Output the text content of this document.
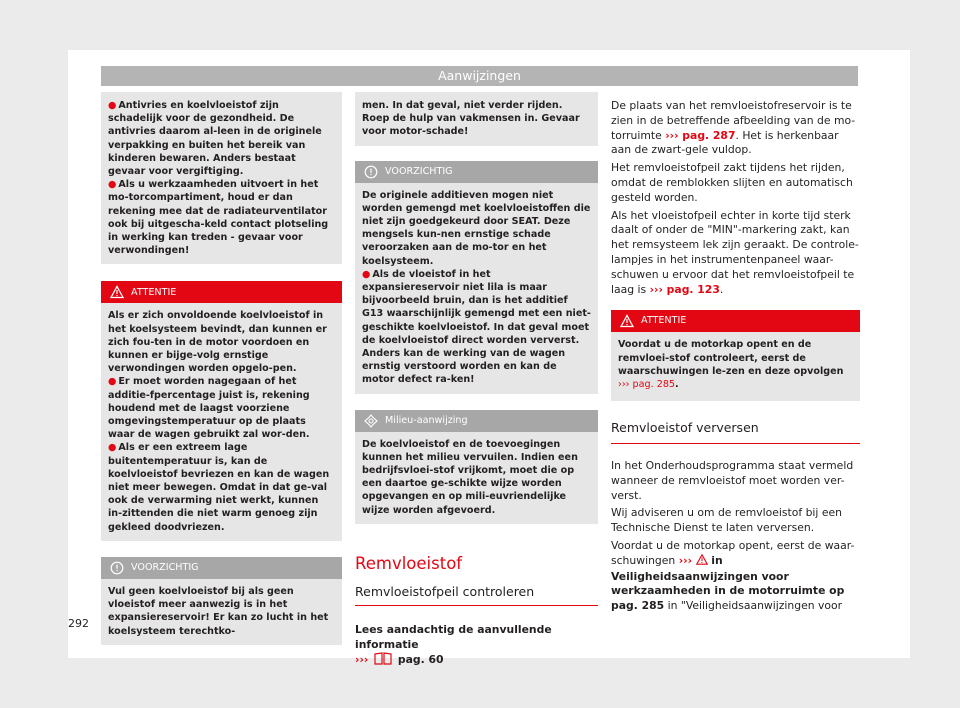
Aanwijzingen

● Antivries en koelvloeistof zijn schadelijk voor de gezondheid. De antivries daarom al-leen in de originele verpakking en buiten het bereik van kinderen bewaren. Anders bestaat gevaar voor vergiftiging.

● Als u werkzaamheden uitvoert in het mo-torcompartiment, houd er dan rekening mee dat de radiateurventilator ook bij uitgescha-keld contact plotseling in werking kan treden - gevaar voor verwondingen!

ATTENTIE

Als er zich onvoldoende koelvloeistof in het koelsysteem bevindt, dan kunnen er zich fou-ten in de motor voordoen en kunnen er bijge-volg ernstige verwondingen worden opgelo-pen.

● Er moet worden nagegaan of het additie-fpercentage juist is, rekening houdend met de laagst voorziene omgevingstemperatuur op de plaats waar de wagen gebruikt zal wor-den.

● Als er een extreem lage buitentemperatuur is, kan de koelvloeistof bevriezen en kan de wagen niet meer bewegen. Omdat in dat ge-val ook de verwarming niet werkt, kunnen in-zittenden die niet warm genoeg zijn gekleed doodvriezen.

VOORZICHTIG

Vul geen koelvloeistof bij als geen vloeistof meer aanwezig is in het expansiereservoir! Er kan zo lucht in het koelsysteem terechtko-

men. In dat geval, niet verder rijden. Roep de hulp van vakmensen in. Gevaar voor motor-schade!

VOORZICHTIG

De originele additieven mogen niet worden gemengd met koelvloeistoffen die niet zijn goedgekeurd door SEAT. Deze mengsels kun-nen ernstige schade veroorzaken aan de mo-tor en het koelsysteem.

● Als de vloeistof in het expansiereservoir niet lila is maar bijvoorbeeld bruin, dan is het additief G13 waarschijnlijk gemengd met een niet-geschikte koelvloeistof. In dat geval moet de koelvloeistof direct worden ververst. Anders kan de werking van de wagen ernstig verstoord worden en kan de motor defect ra-ken!

Milieu-aanwijzing

De koelvloeistof en de toevoegingen kunnen het milieu vervuilen. Indien een bedrijfsvloei-stof vrijkomt, moet die op een daartoe ge-schikte wijze worden opgevangen en op mili-euvriendelijke wijze worden afgevoerd.

Remvloeistof
Remvloeistofpeil controleren
Lees aandachtig de aanvullende informatie
›››	pag. 60

De plaats van het remvloeistofreservoir is te zien in de betreffende afbeelding van de mo-torruimte ››› pag. 287. Het is herkenbaar aan de zwart-gele vuldop.

Het remvloeistofpeil zakt tijdens het rijden, omdat de remblokken slijten en automatisch gesteld worden.

Als het vloeistofpeil echter in korte tijd sterk daalt of onder de "MIN"-markering zakt, kan het remsysteem lek zijn geraakt. De controle-lampjes in het instrumentenpaneel waar-schuwen u ervoor dat het remvloeistofpeil te laag is ››› pag. 123.

ATTENTIE

Voordat u de motorkap opent en de remvloei-stof controleert, eerst de waarschuwingen le-zen en deze opvolgen ››› pag. 285.

Remvloeistof verversen

In het Onderhoudsprogramma staat vermeld wanneer de remvloeistof moet worden ver-verst.

Wij adviseren u om de remvloeistof bij een Technische Dienst te laten verversen.

Voordat u de motorkap opent, eerst de waar-schuwingen ›››  in Veiligheidsaanwijzingen voor werkzaamheden in de motorruimte op pag. 285 in "Veiligheidsaanwijzingen voor

292
